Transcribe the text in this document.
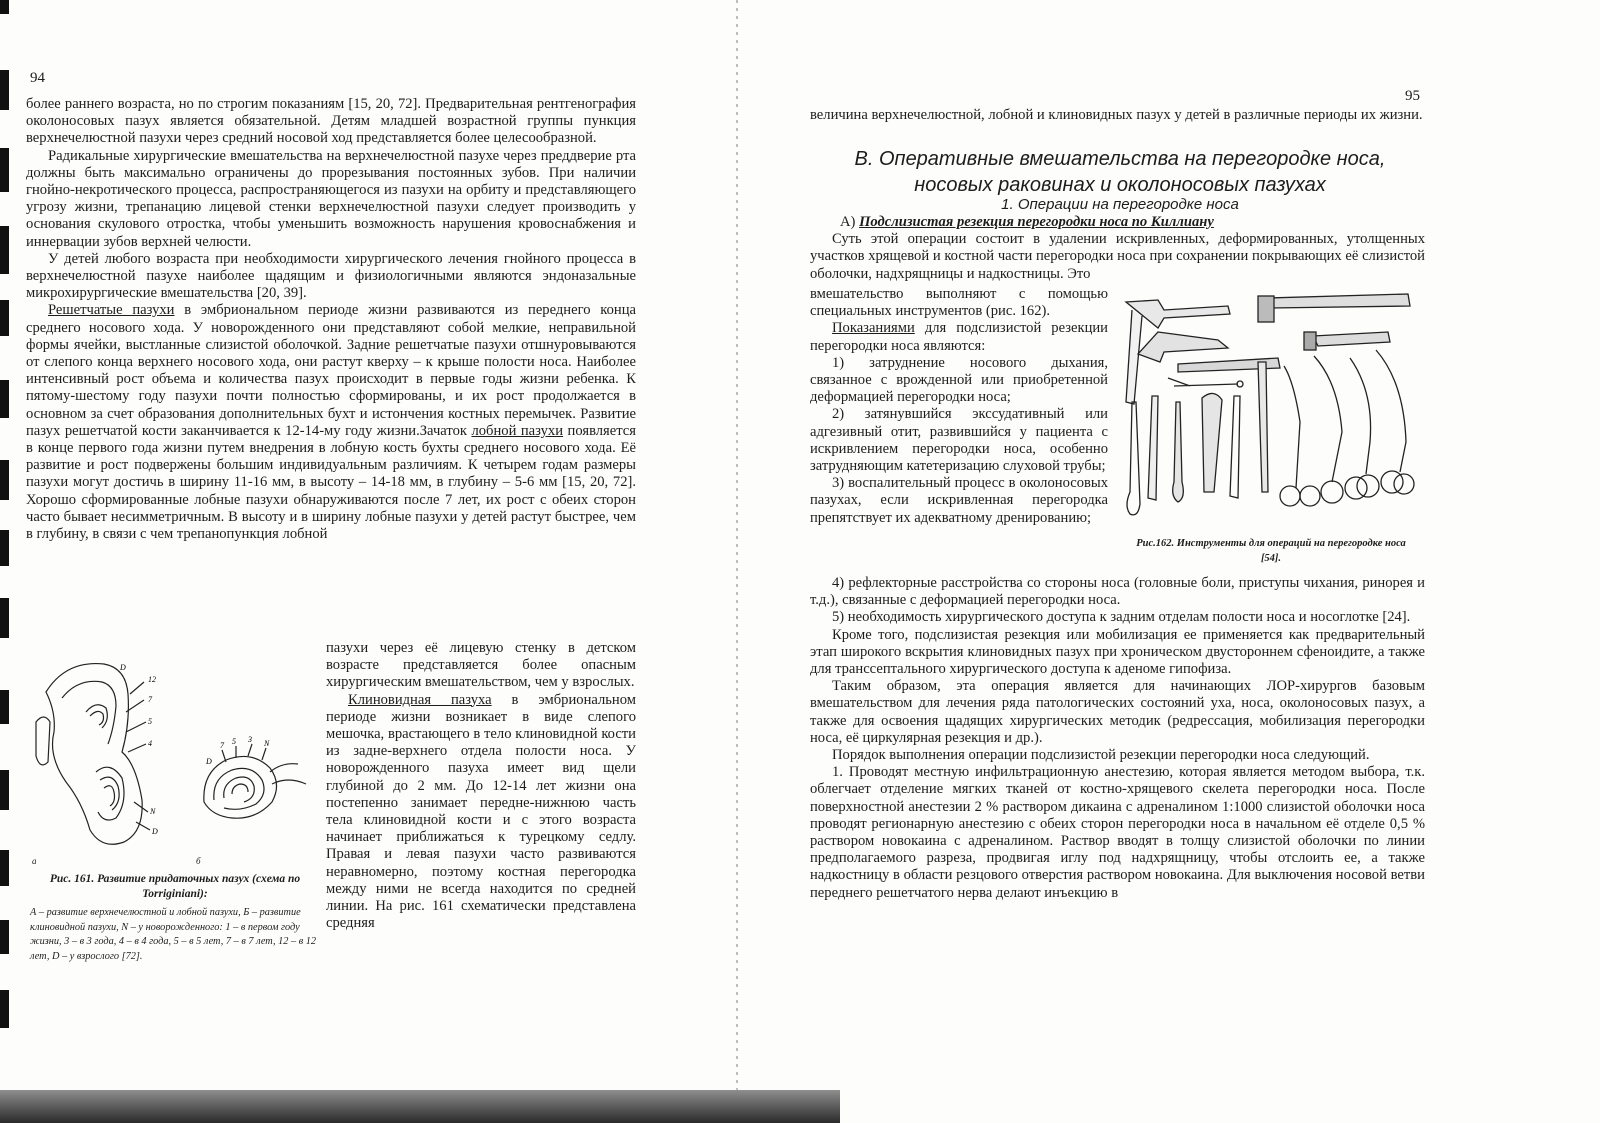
94

более раннего возраста, но по строгим показаниям [15, 20, 72]. Предварительная рентгенография околоносовых пазух является обязательной. Детям младшей возрастной группы пункция верхнечелюстной пазухи через средний носовой ход представляется более целесообразной.

Радикальные хирургические вмешательства на верхнечелюстной пазухе через преддверие рта должны быть максимально ограничены до прорезывания постоянных зубов. При наличии гнойно-некротического процесса, распространяющегося из пазухи на орбиту и представляющего угрозу жизни, трепанацию лицевой стенки верхнечелюстной пазухи следует производить у основания скулового отростка, чтобы уменьшить возможность нарушения кровоснабжения и иннервации зубов верхней челюсти.

У детей любого возраста при необходимости хирургического лечения гнойного процесса в верхнечелюстной пазухе наиболее щадящим и физиологичными являются эндоназальные микрохирургические вмешательства [20, 39].

Решетчатые пазухи в эмбриональном периоде жизни развиваются из переднего конца среднего носового хода. У новорожденного они представляют собой мелкие, неправильной формы ячейки, выстланные слизистой оболочкой. Задние решетчатые пазухи отшнуровываются от слепого конца верхнего носового хода, они растут кверху – к крыше полости носа. Наиболее интенсивный рост объема и количества пазух происходит в первые годы жизни ребенка. К пятому-шестому году пазухи почти полностью сформированы, и их рост продолжается в основном за счет образования дополнительных бухт и истончения костных перемычек. Развитие пазух решетчатой кости заканчивается к 12-14-му году жизни.Зачаток лобной пазухи появляется в конце первого года жизни путем внедрения в лобную кость бухты среднего носового хода. Её развитие и рост подвержены большим индивидуальным различиям. К четырем годам размеры пазухи могут достичь в ширину 11-16 мм, в высоту – 14-18 мм, в глубину – 5-6 мм [15, 20, 72]. Хорошо сформированные лобные пазухи обнаруживаются после 7 лет, их рост с обеих сторон часто бывает несимметричным. В высоту и в ширину лобные пазухи у детей растут быстрее, чем в глубину, в связи с чем трепанопункция лобной

пазухи через её лицевую стенку в детском возрасте представляется более опасным хирургическим вмешательством, чем у взрослых.

Клиновидная пазуха в эмбриональном периоде жизни возникает в виде слепого мешочка, врастающего в тело клиновидной кости из задне-верхнего отдела полости носа. У новорожденного пазуха имеет вид щели глубиной до 2 мм. До 12-14 лет жизни она постепенно занимает передне-нижнюю часть тела клиновидной кости и с этого возраста начинает приближаться к турецкому седлу. Правая и левая пазухи часто развиваются неравномерно, поэтому костная перегородка между ними не всегда находится по средней линии. На рис. 161 схематически представлена средняя

D
12
7
5
4
N
D
7 5 3 N
D
а	б

Рис. 161. Развитие придаточных пазух (схема по Torriginiani):

А – развитие верхнечелюстной и лобной пазухи, Б – развитие клиновидной пазухи, N – у новорожденного: 1 – в первом году жизни, 3 – в 3 года, 4 – в 4 года, 5 – в 5 лет, 7 – в 7 лет, 12 – в 12 лет, D – у взрослого [72].

95

величина верхнечелюстной, лобной и клиновидных пазух у детей в различные периоды их жизни.

В. Оперативные вмешательства на перегородке носа, носовых раковинах и околоносовых пазухах
1. Операции на перегородке носа

А) Подслизистая резекция перегородки носа по Киллиану

Суть этой операции состоит в удалении искривленных, деформированных, утолщенных участков хрящевой и костной части перегородки носа при сохранении покрывающих её слизистой оболочки, надхрящницы и надкостницы. Это

вмешательство выполняют с помощью специальных инструментов (рис. 162).

Показаниями для подслизистой резекции перегородки носа являются:

1) затруднение носового дыхания, связанное с врожденной или приобретенной деформацией перегородки носа;

2) затянувшийся экссудативный или адгезивный отит, развившийся у пациента с искривлением перегородки носа, особенно затрудняющим катетеризацию слуховой трубы;

3) воспалительный процесс в околоносовых пазухах, если искривленная перегородка препятствует их адекватному дренированию;

Рис.162. Инструменты для операций на перегородке носа [54].

4) рефлекторные расстройства со стороны носа (головные боли, приступы чихания, ринорея и т.д.), связанные с деформацией перегородки носа.

5) необходимость хирургического доступа к задним отделам полости носа и носоглотке [24].

Кроме того, подслизистая резекция или мобилизация ее применяется как предварительный этап широкого вскрытия клиновидных пазух при хроническом двустороннем сфеноидите, а также для транссептального хирургического доступа к аденоме гипофиза.

Таким образом, эта операция является для начинающих ЛОР-хирургов базовым вмешательством для лечения ряда патологических состояний уха, носа, околоносовых пазух, а также для освоения щадящих хирургических методик (редрессация, мобилизация перегородки носа, её циркулярная резекция и др.).

Порядок выполнения операции подслизистой резекции перегородки носа следующий.

1. Проводят местную инфильтрационную анестезию, которая является методом выбора, т.к. облегчает отделение мягких тканей от костно-хрящевого скелета перегородки носа. После поверхностной анестезии 2 % раствором дикаина с адреналином 1:1000 слизистой оболочки носа проводят регионарную анестезию с обеих сторон перегородки носа в начальном её отделе 0,5 % раствором новокаина с адреналином. Раствор вводят в толщу слизистой оболочки по линии предполагаемого разреза, продвигая иглу под надхрящницу, чтобы отслоить ее, а также надкостницу в области резцового отверстия раствором новокаина. Для выключения носовой ветви переднего решетчатого нерва делают инъекцию в
